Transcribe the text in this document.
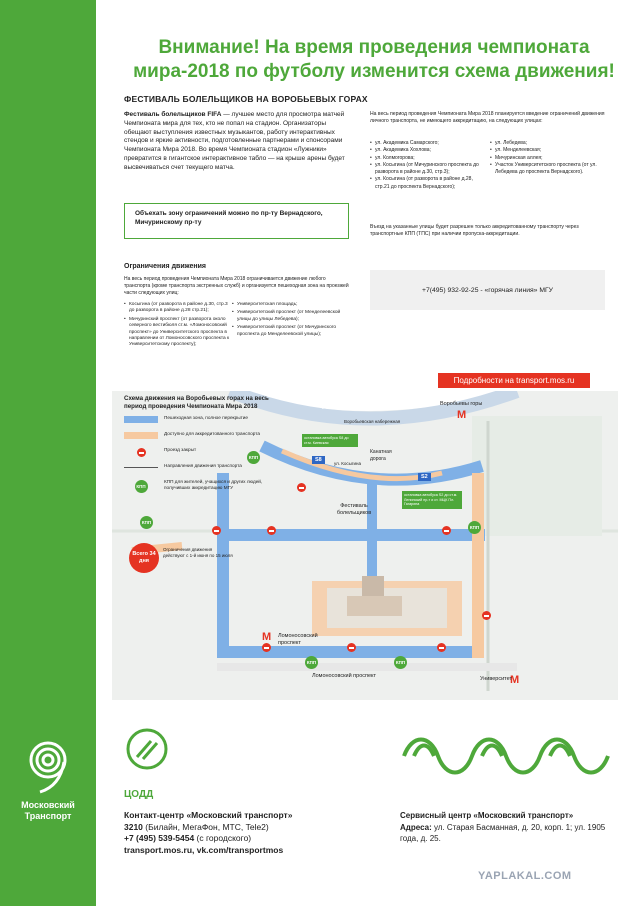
Московский
Транспорт
Внимание! На время проведения чемпионата
мира-2018 по футболу изменится схема движения!
ФЕСТИВАЛЬ БОЛЕЛЬЩИКОВ НА ВОРОБЬЕВЫХ ГОРАХ
Фестиваль болельщиков FIFA — лучшее место для просмотра матчей Чемпионата мира для тех, кто не попал на стадион. Организаторы обещают выступления известных музыкантов, работу интерактивных стендов и яркие активности, подготовленные партнерами и спонсорами Чемпионата Мира 2018. Во время Чемпионата стадион «Лужники» превратится в гигантское интерактивное табло — на крыше арены будет высвечиваться счет текущего матча.
Объехать зону ограничений можно по пр-ту Вернадского, Мичуринскому пр-ту
Ограничения движения
На весь период проведения Чемпионата Мира 2018 ограничивается движение любого транспорта (кроме транспорта экстренных служб) и организуется пешеходная зона на проезжей части следующих улиц:
• Косыгина (от разворота в районе д.30, стр.3 до разворота в районе д.28 стр.21);
• Мичуринский проспект (от разворота около северного вестибюля ст.м. «Ломоносовский проспект» до Университетского проспекта в направлении от Ломоносовского проспекта к Университетскому проспекту);
• Университетская площадь;
• Университетский проспект (от Менделеевской улицы до улицы Лебедева);
• Университетский проспект (от Мичуринского проспекта до Менделеевской улицы);
На весь период проведения Чемпионата Мира 2018 планируется введение ограничений движения личного транспорта, не имеющего аккредитацию, на следующих улицах:
• ул. Академика Самарского;
• ул. Академика Хохлова;
• ул. Колмогорова;
• ул. Косыгина (от Мичуринского проспекта до разворота в районе д.30, стр.3);
• ул. Косыгина (от разворота в районе д.28, стр.21 до проспекта Вернадского);
• ул. Лебедева;
• ул. Менделеевская;
• Мичуринская аллея;
• Участок Университетского проспекта (от ул. Лебедева до проспекта Вернадского).
Въезд на указанные улицы будет разрешен только аккредитованному транспорту через транспортные КПП (ТПС) при наличии пропуска-аккредитации.
+7(495) 932-92-25 - «горячая линия» МГУ
Подробности на transport.mos.ru
Схема движения на Воробьевых горах на весь период проведения Чемпионата Мира 2018
Пешеходная зона, полное перекрытие
Доступно для аккредитованного транспорта
Проезд закрыт
Направления движения транспорта
КПП
КПП для жителей, учащихся и других людей, получивших аккредитацию МГУ
Всего 34 дня
Ограничения движения действуют с 1-й июня по 15 июля
РЕКА МОСКВА
Воробьевская набережная
M
Воробьевы горы
Канатная дорога
Фестиваль болельщиков
ул. Косыгина
остановка автобуса S8 до ст.м. Киевская
S8
остановка автобуса S2 до ст.м. Ленинский пр-т и ст. МЦК Пл. Гагарина
S2
КПП
КПП
КПП
КПП	КПП
M Ломоносовский проспект
Ломоносовский проспект	M
Университет
ЦОДД
Контакт-центр «Московский транспорт»
3210 (Билайн, МегаФон, МТС, Tele2)
+7 (495) 539-5454 (с городского)
transport.mos.ru, vk.com/transportmos
Сервисный центр «Московский транспорт»
Адреса: ул. Старая Басманная, д. 20, корп. 1; ул. 1905 года, д. 25.
YAPLAKAL.COM
